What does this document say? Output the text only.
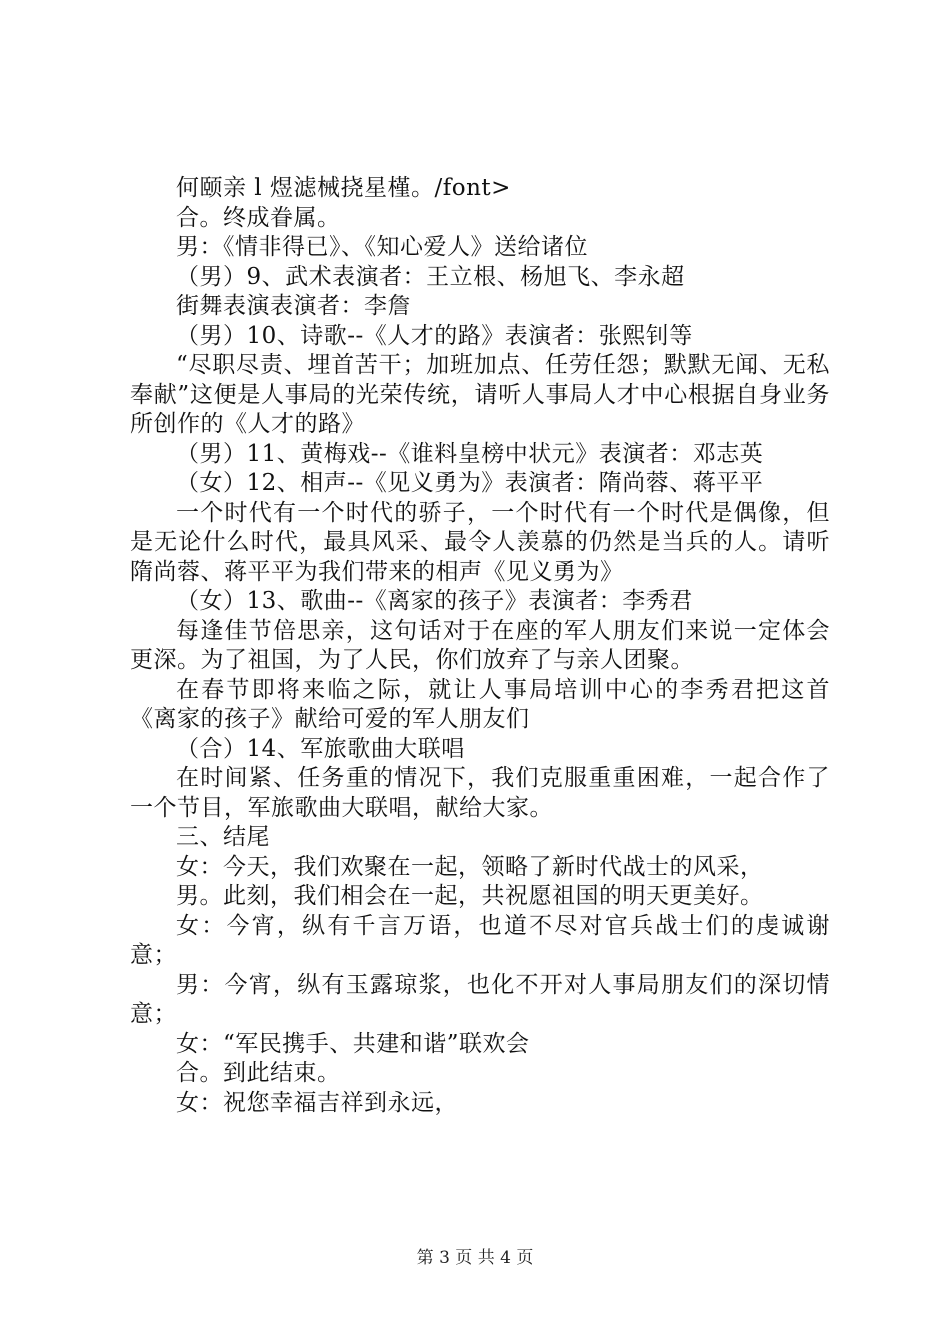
何颐亲 l 煜滤械挠星槿。/font>

合。终成眷属。

男：《情非得已》、《知心爱人》送给诸位

（男）9、武术表演者：王立根、杨旭飞、李永超

街舞表演表演者：李詹

（男）10、诗歌--《人才的路》表演者：张熙钊等

“尽职尽责、埋首苦干；加班加点、任劳任怨；默默无闻、无私奉献”这便是人事局的光荣传统，请听人事局人才中心根据自身业务所创作的《人才的路》

（男）11、黄梅戏--《谁料皇榜中状元》表演者：邓志英

（女）12、相声--《见义勇为》表演者：隋尚蓉、蒋平平

一个时代有一个时代的骄子，一个时代有一个时代是偶像，但是无论什么时代，最具风采、最令人羡慕的仍然是当兵的人。请听隋尚蓉、蒋平平为我们带来的相声《见义勇为》

（女）13、歌曲--《离家的孩子》表演者：李秀君

每逢佳节倍思亲，这句话对于在座的军人朋友们来说一定体会更深。为了祖国，为了人民，你们放弃了与亲人团聚。

在春节即将来临之际，就让人事局培训中心的李秀君把这首《离家的孩子》献给可爱的军人朋友们

（合）14、军旅歌曲大联唱

在时间紧、任务重的情况下，我们克服重重困难，一起合作了一个节目，军旅歌曲大联唱，献给大家。

三、结尾

女：今天，我们欢聚在一起，领略了新时代战士的风采，

男。此刻，我们相会在一起，共祝愿祖国的明天更美好。

女：今宵，纵有千言万语，也道不尽对官兵战士们的虔诚谢意；

男：今宵，纵有玉露琼浆，也化不开对人事局朋友们的深切情意；

女：“军民携手、共建和谐”联欢会

合。到此结束。

女：祝您幸福吉祥到永远，

第 3 页 共 4 页
